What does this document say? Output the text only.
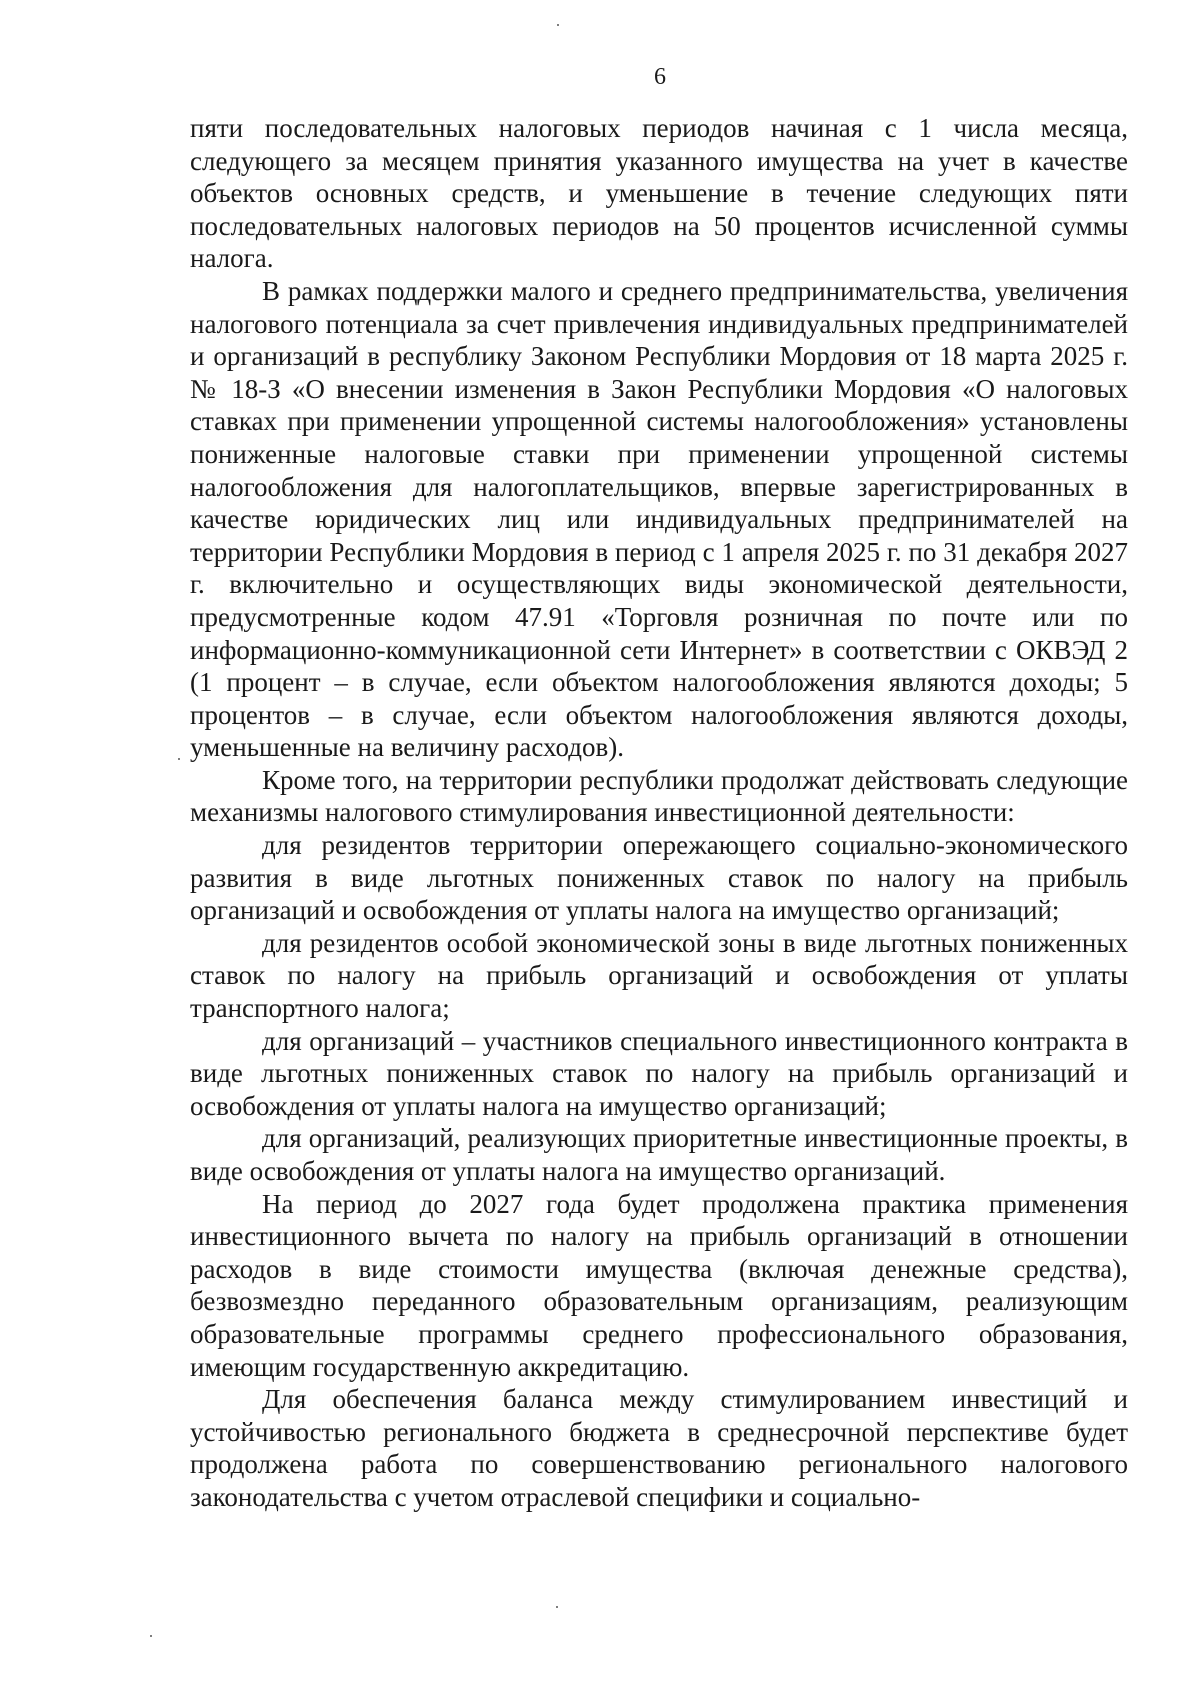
6

пяти последовательных налоговых периодов начиная с 1 числа месяца, следующего за месяцем принятия указанного имущества на учет в качестве объектов основных средств, и уменьшение в течение следующих пяти последовательных налоговых периодов на 50 процентов исчисленной суммы налога.

В рамках поддержки малого и среднего предпринимательства, увеличения налогового потенциала за счет привлечения индивидуальных предпринимателей и организаций в республику Законом Республики Мордовия от 18 марта 2025 г. № 18-З «О внесении изменения в Закон Республики Мордовия «О налоговых ставках при применении упрощенной системы налогообложения» установлены пониженные налоговые ставки при применении упрощенной системы налогообложения для налогоплательщиков, впервые зарегистрированных в качестве юридических лиц или индивидуальных предпринимателей на территории Республики Мордовия в период с 1 апреля 2025 г. по 31 декабря 2027 г. включительно и осуществляющих виды экономической деятельности, предусмотренные кодом 47.91 «Торговля розничная по почте или по информационно-коммуникационной сети Интернет» в соответствии с ОКВЭД 2 (1 процент – в случае, если объектом налогообложения являются доходы; 5 процентов – в случае, если объектом налогообложения являются доходы, уменьшенные на величину расходов).

Кроме того, на территории республики продолжат действовать следующие механизмы налогового стимулирования инвестиционной деятельности:

для резидентов территории опережающего социально-экономического развития в виде льготных пониженных ставок по налогу на прибыль организаций и освобождения от уплаты налога на имущество организаций;

для резидентов особой экономической зоны в виде льготных пониженных ставок по налогу на прибыль организаций и освобождения от уплаты транспортного налога;

для организаций – участников специального инвестиционного контракта в виде льготных пониженных ставок по налогу на прибыль организаций и освобождения от уплаты налога на имущество организаций;

для организаций, реализующих приоритетные инвестиционные проекты, в виде освобождения от уплаты налога на имущество организаций.

На период до 2027 года будет продолжена практика применения инвестиционного вычета по налогу на прибыль организаций в отношении расходов в виде стоимости имущества (включая денежные средства), безвозмездно переданного образовательным организациям, реализующим образовательные программы среднего профессионального образования, имеющим государственную аккредитацию.

Для обеспечения баланса между стимулированием инвестиций и устойчивостью регионального бюджета в среднесрочной перспективе будет продолжена работа по совершенствованию регионального налогового законодательства с учетом отраслевой специфики и социально-
